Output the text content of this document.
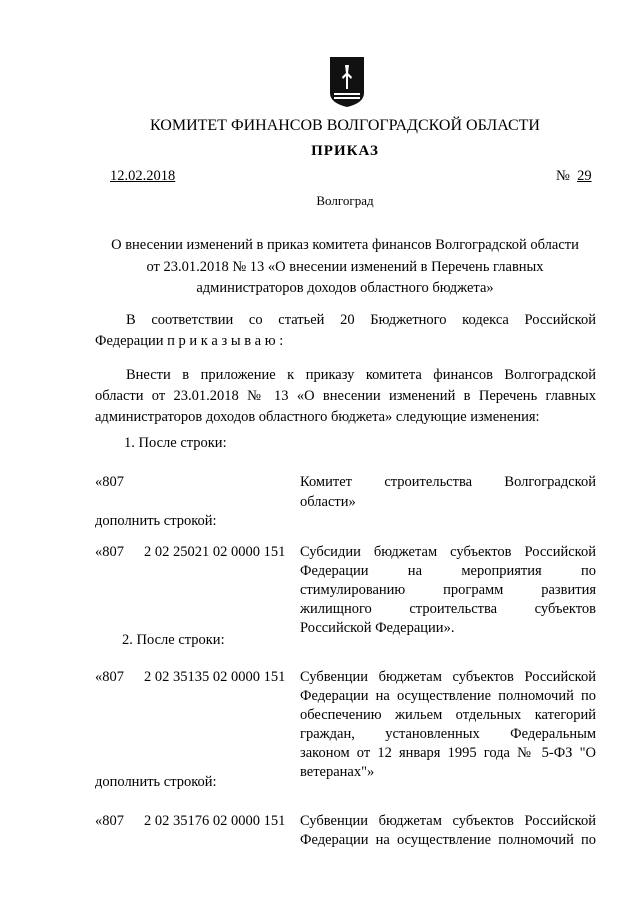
КОМИТЕТ ФИНАНСОВ ВОЛГОГРАДСКОЙ ОБЛАСТИ
ПРИКАЗ
12.02.2018	№ 29
Волгоград
О внесении изменений в приказ комитета финансов Волгоградской области
от 23.01.2018 № 13 «О внесении изменений в Перечень главных
администраторов доходов областного бюджета»
В соответствии со статьей 20 Бюджетного кодекса Российской
Федерации п р и к а з ы в а ю :
Внести в приложение к приказу комитета финансов Волгоградской
области от 23.01.2018 № 13 «О внесении изменений в Перечень главных
администраторов доходов областного бюджета» следующие изменения:
1. После строки:
«807	Комитет строительства Волгоградской
области»
дополнить строкой:
«807 2 02 25021 02 0000 151 Субсидии бюджетам субъектов Российской
Федерации на мероприятия по
стимулированию программ развития
жилищного строительства субъектов
Российской Федерации».
2. После строки:
«807 2 02 35135 02 0000 151 Субвенции бюджетам субъектов Российской
Федерации на осуществление полномочий по
обеспечению жильем отдельных категорий
граждан, установленных Федеральным
законом от 12 января 1995 года № 5-ФЗ "О
ветеранах"»
дополнить строкой:
«807 2 02 35176 02 0000 151 Субвенции бюджетам субъектов Российской
Федерации на осуществление полномочий по
